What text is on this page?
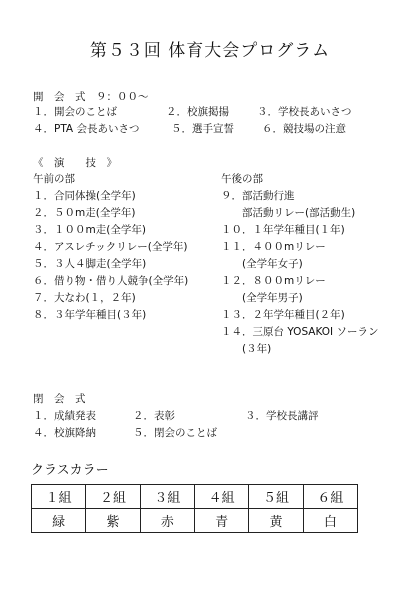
第５３回 体育大会プログラム
開　会　式　９：００～
１．開会のことば	２．校旗掲揚	３．学校長あいさつ
４．PTA 会長あいさつ	５．選手宣誓	６．競技場の注意
《　演　　技　》
午前の部
１．合同体操(全学年)
２．５０m走(全学年)
３．１００m走(全学年)
４．アスレチックリレー(全学年)
５．３人４脚走(全学年)
６．借り物・借り人競争(全学年)
７．大なわ(１，２年)
８．３年学年種目(３年)
午後の部
９．部活動行進
部活動リレー(部活動生)
１０．１年学年種目(１年)
１１．４００mリレー
(全学年女子)
１２．８００mリレー
(全学年男子)
１３．２年学年種目(２年)
１４．三原台 YOSAKOI ソーラン
(３年)
閉　会　式
１．成績発表	２．表彰	３．学校長講評
４．校旗降納	５．閉会のことば
クラスカラー
１組	２組	３組	４組	５組	６組
緑	紫	赤	青	黄	白
